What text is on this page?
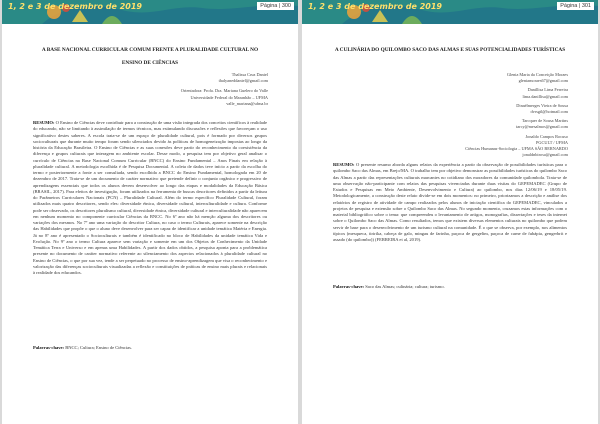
1, 2 e 3 de dezembro de 2019	Página | 300
A BASE NACIONAL CURRICULAR COMUM FRENTE A PLURALIDADE CULTURAL NO ENSINO DE CIÊNCIAS
Thalissa Cruz Daniel
thalyaneddaniel@gmail.com
Orientadora: Profa. Dra. Mariana Guelero do Valle
Universidade Federal do Maranhão – UFMA
valle_mariana@ufma.br
RESUMO: O Ensino de Ciências deve contribuir para a construção de uma visão integrada dos conceitos científicos à realidade do educando, não se limitando à assimilação de termos técnicos, mas estimulando discussões e reflexões que favoreçam o uso significativo destes saberes. A escola trata-se de um espaço de pluralidade cultural, pois é formado por diversos grupos socioculturais que durante muito tempo foram sendo silenciados devido às políticas de homogeneização impostas ao longo da história da Educação Brasileira. O Ensino de Ciências e as suas conexões deve partir do reconhecimento da coexistência da diferença e grupos culturais que interagem no ambiente escolar. Desse modo, a pesquisa tem por objetivo geral analisar o currículo de Ciências na Base Nacional Comum Curricular (BNCC) do Ensino Fundamental – Anos Finais em relação à pluralidade cultural. A metodologia escolhida é de Pesquisa Documental. A coleta de dados teve início a partir da escolha do termo e posteriormente a fonte a ser consultada, sendo escolhida a BNCC do Ensino Fundamental, homologada em 20 de dezembro de 2017. Trata-se de um documento de caráter normativo que pretende definir o conjunto orgânico e progressivo de aprendizagens essenciais que todos os alunos devem desenvolver ao longo das etapas e modalidades da Educação Básica (BRASIL, 2017). Para efeitos de investigação, foram utilizados na ferramenta de buscas descritores definidos a partir da leitura do Parâmetros Curriculares Nacionais (PCN) – Pluralidade Cultural. Além do termo específico Pluralidade Cultural, foram utilizados mais quatro descritores, sendo eles: diversidade étnica, diversidade cultural, interculturalidade e cultura. Conforme pode ser observado, os descritores pluralismo cultural, diversidade étnica, diversidade cultural e interculturalidade não aparecem em nenhum momento no componente curricular Ciências da BNCC. No 6º ano não há menção alguma dos descritores ou variações dos mesmos. No 7º ano uma variação do descritor Cultura, no caso o termo Culturais, aparece somente na descrição das Habilidades que propõe o que o aluno deve desenvolver para ser capaz de identificar a unidade temática Matéria e Energia. Já no 8º ano é apresentado o Socioculturais e também é identificado no bloco de Habilidades da unidade temática Vida e Evolução. No 9º ano o termo Cultura aparece sem variação e somente em um dos Objetos de Conhecimento da Unidade Temática Terra e Universo e em apenas uma Habilidades. A partir dos dados obtidos, a pesquisa aponta para a problemática presente no documento de caráter normativo referente ao silenciamento dos aspectos relacionados à pluralidade cultural no Ensino de Ciências, o que por sua vez, tende a ser perpetuado no processo de ensino-aprendizagem que visa o reconhecimento e valorização das diferenças socioculturais visualizadas a reflexão e constituições de práticas de ensino mais plurais e relacionais à realidade dos educandos.
Palavras-chave: BNCC; Cultura; Ensino de Ciências.
1, 2 e 3 de dezembro de 2019	Página | 301
A CULINÁRIA DO QUILOMBO SACO DAS ALMAS E SUAS POTENCIALIDADES TURÍSTICAS
Glenia Maria da Conceição Moraes
gleniamoraes67@gmail.com
Danillisa Lima Ferreira
lima.danillisa@gmail.com
Dinaélmerges Vieira de Sousa
dvrsgtl@hotmail.com
Tarcquer de Sousa Martins
tarcy@mesalmos@gmail.com
Jonaldo Campos Rocuso
PGCULT / UFMA
Ciências Humanas-Sociologia – UFMA SÃO BERNARDO
jonaldnbirosa@gmail.com
RESUMO: O presente resumo aborda alguns relatos da experiência a partir da observação de possibilidades turísticas para o quilombo Saco das Almas, em Brejo/MA. O trabalho tem por objetivo demonstrar as possibilidades turísticas do quilombo Saco das Almas a partir das representações culturais marcantes no cotidiano dos moradores da comunidade quilombola. Trata-se de uma observação não-participante com relatos das pesquisas vivenciadas durante duas visitas do GEPEMADEC (Grupo de Estudos e Pesquisas em Meio Ambiente, Desenvolvimento e Cultura) ao quilombo, nos dias 12/06/19 e 18/05/19. Metodologicamente, a construção deste relato divide-se em dois momentos: no primeiro, priorizamos a descrição e análise dos relatórios de registro de atividade de campo realizados pelos alunos de iniciação científica do GEPEMADEC, vinculados a projetos de pesquisa e extensão sobre o Quilombo Saco das Almas. No segundo momento, cruzamos estas informações com o material bibliográfico sobre o tema: que compreendeu o levantamento de artigos, monografias, dissertações e teses da internet sobre o Quilombo Saco das Almas. Como resultados, temos que existem diversas elementos culturais no quilombo que podem servir de base para o desenvolvimento de um turismo cultural na comunidade. É o que se observa, por exemplo, nos alimentos típicos (mesqueca, tiririka, cabeça de galo, mingau de farinha, paçoca de gergelim, paçoca de carne de fubápia, gengerbrit e assado (do quilombo)) (FERREIRA et al, 2019).
Palavras-chave: Saco das Almas; culinária; cultura; turismo.
